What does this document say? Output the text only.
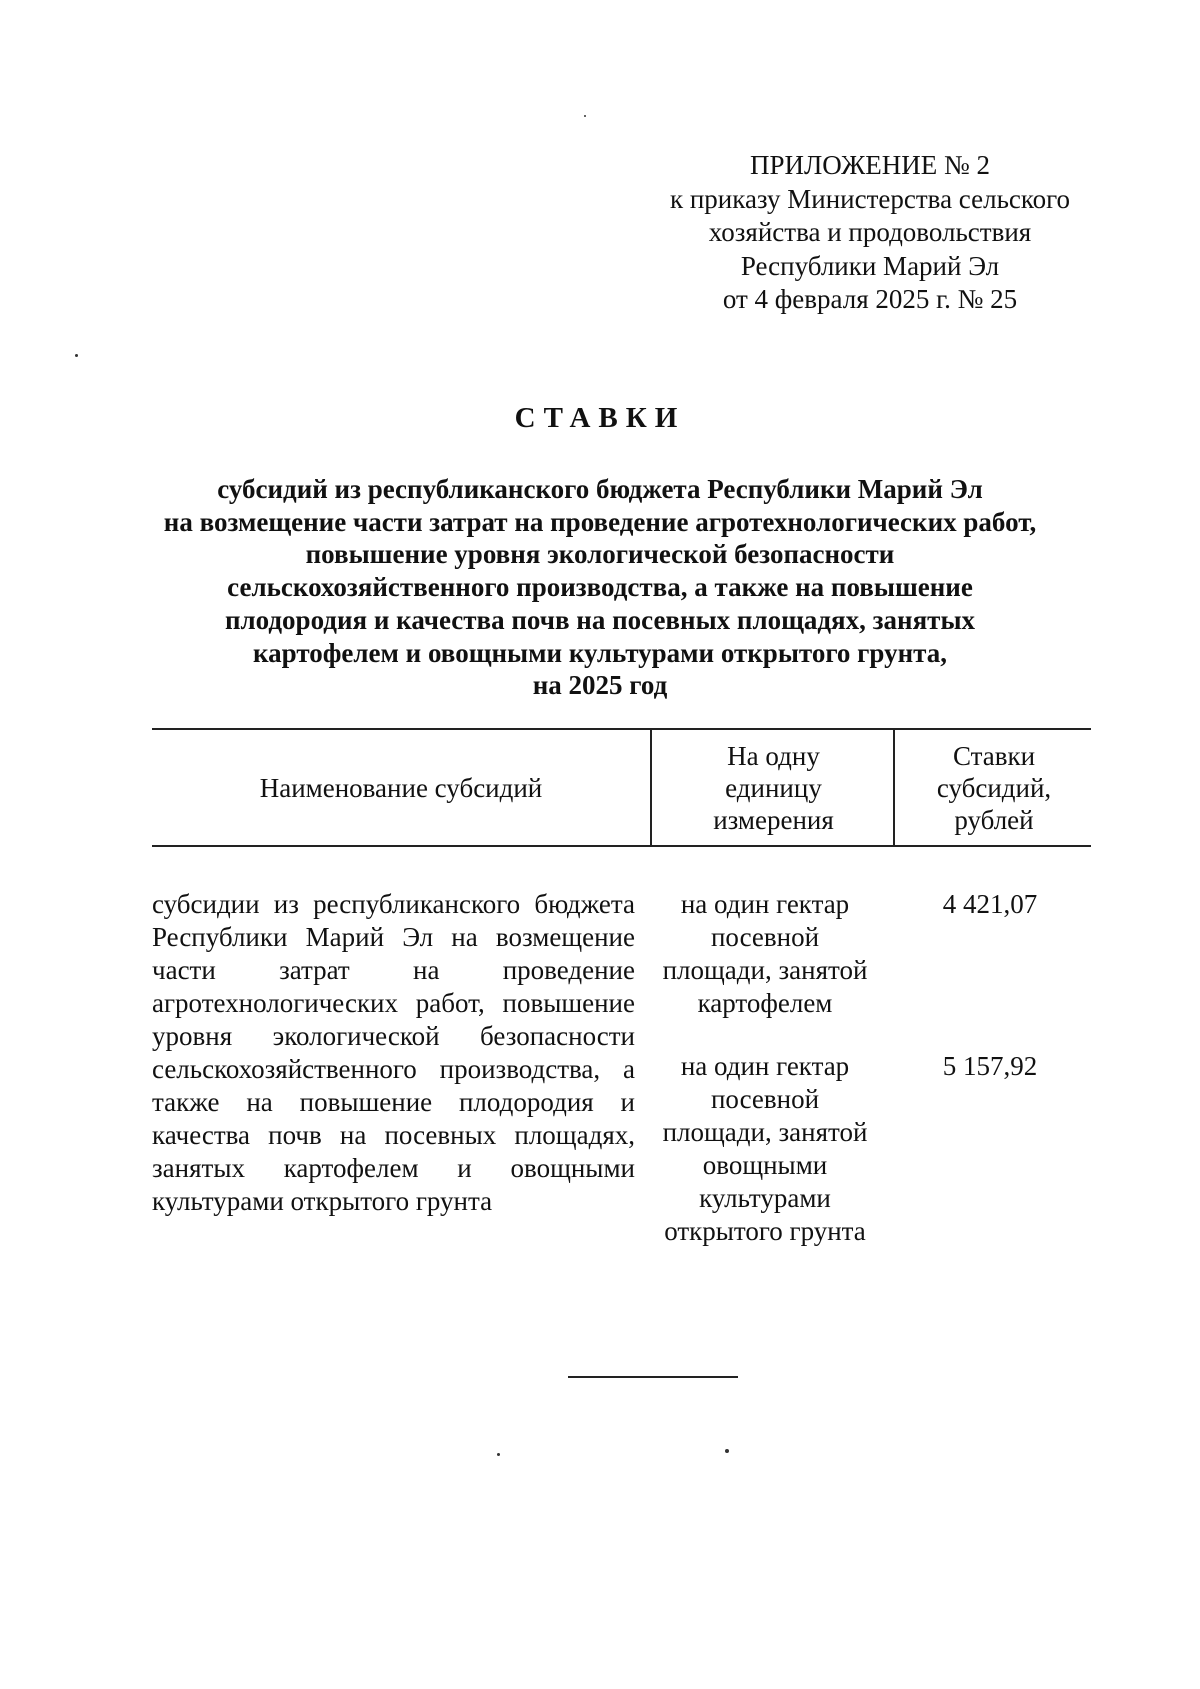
ПРИЛОЖЕНИЕ № 2
к приказу Министерства сельского
хозяйства и продовольствия
Республики Марий Эл
от 4 февраля 2025 г. № 25
СТАВКИ
субсидий из республиканского бюджета Республики Марий Эл
на возмещение части затрат на проведение агротехнологических работ,
повышение уровня экологической безопасности
сельскохозяйственного производства, а также на повышение
плодородия и качества почв на посевных площадях, занятых
картофелем и овощными культурами открытого грунта,
на 2025 год
Наименование субсидий
На одну единицу измерения
Ставки субсидий, рублей

субсидии из республиканского бюджета Республики Марий Эл на возмещение части затрат на проведение агротехнологических работ, повышение уровня экологической безопасности сельскохозяйственного производства, а также на повышение плодородия и качества почв на посевных площадях, занятых картофелем и овощными культурами открытого грунта

на один гектар посевной площади, занятой картофелем
4 421,07
на один гектар посевной площади, занятой овощными культурами открытого грунта
5 157,92
